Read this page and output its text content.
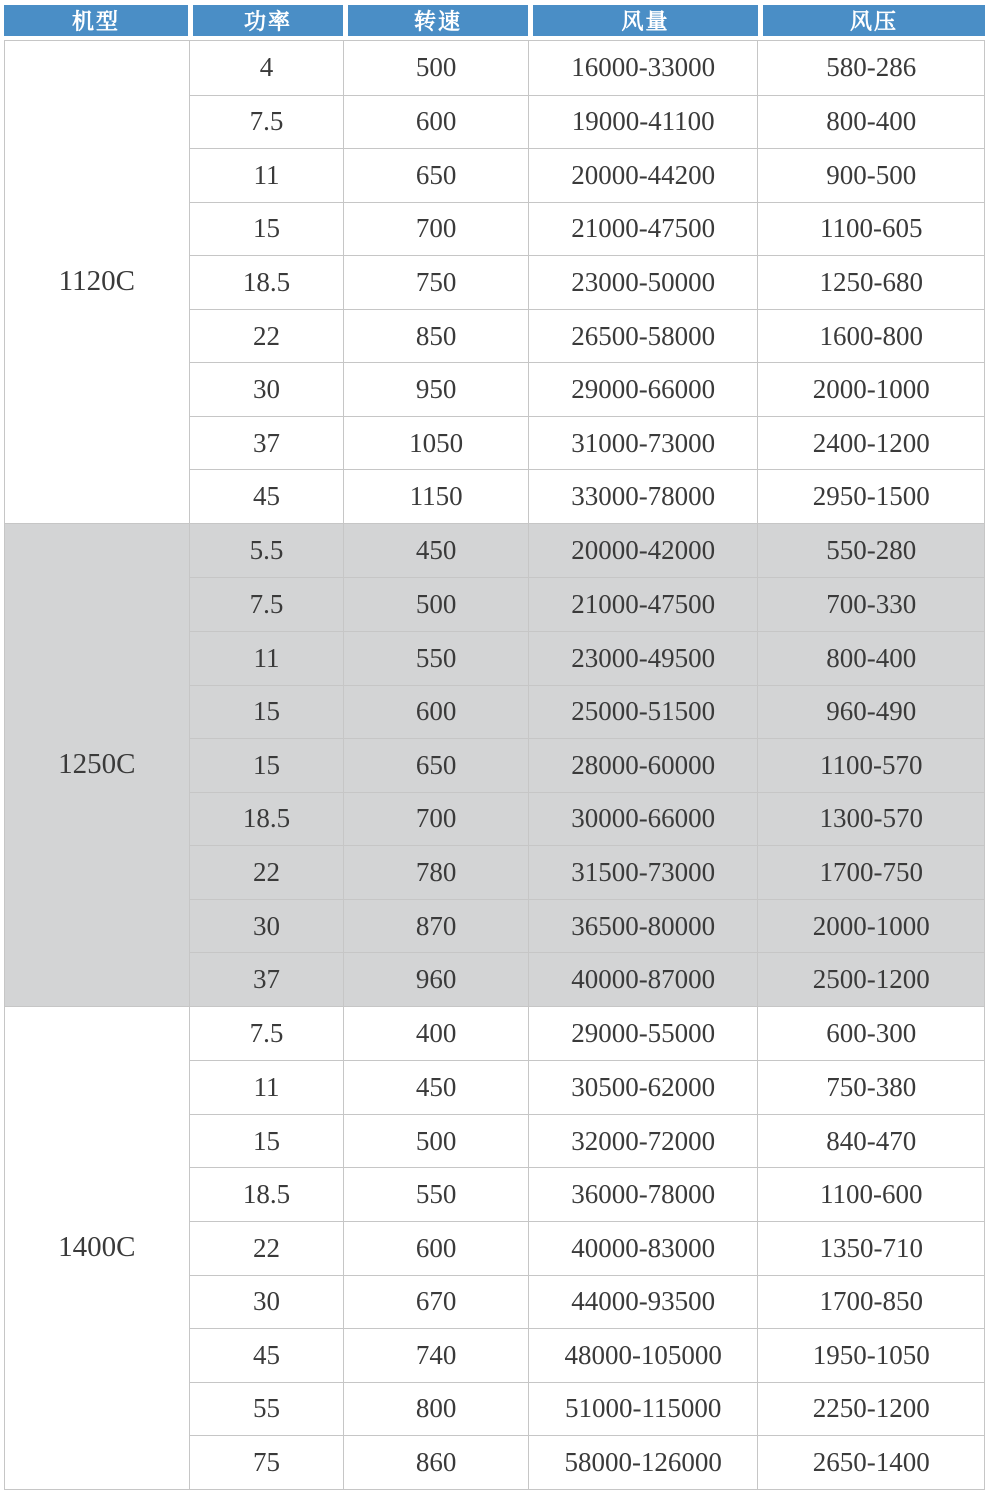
机型	功率	转速	风量	风压
1120C
4	500	16000-33000	580-286
7.5	600	19000-41100	800-400
11	650	20000-44200	900-500
15	700	21000-47500	1100-605
18.5	750	23000-50000	1250-680
22	850	26500-58000	1600-800
30	950	29000-66000	2000-1000
37	1050	31000-73000	2400-1200
45	1150	33000-78000	2950-1500
1250C
5.5	450	20000-42000	550-280
7.5	500	21000-47500	700-330
11	550	23000-49500	800-400
15	600	25000-51500	960-490
15	650	28000-60000	1100-570
18.5	700	30000-66000	1300-570
22	780	31500-73000	1700-750
30	870	36500-80000	2000-1000
37	960	40000-87000	2500-1200
1400C
7.5	400	29000-55000	600-300
11	450	30500-62000	750-380
15	500	32000-72000	840-470
18.5	550	36000-78000	1100-600
22	600	40000-83000	1350-710
30	670	44000-93500	1700-850
45	740	48000-105000	1950-1050
55	800	51000-115000	2250-1200
75	860	58000-126000	2650-1400
